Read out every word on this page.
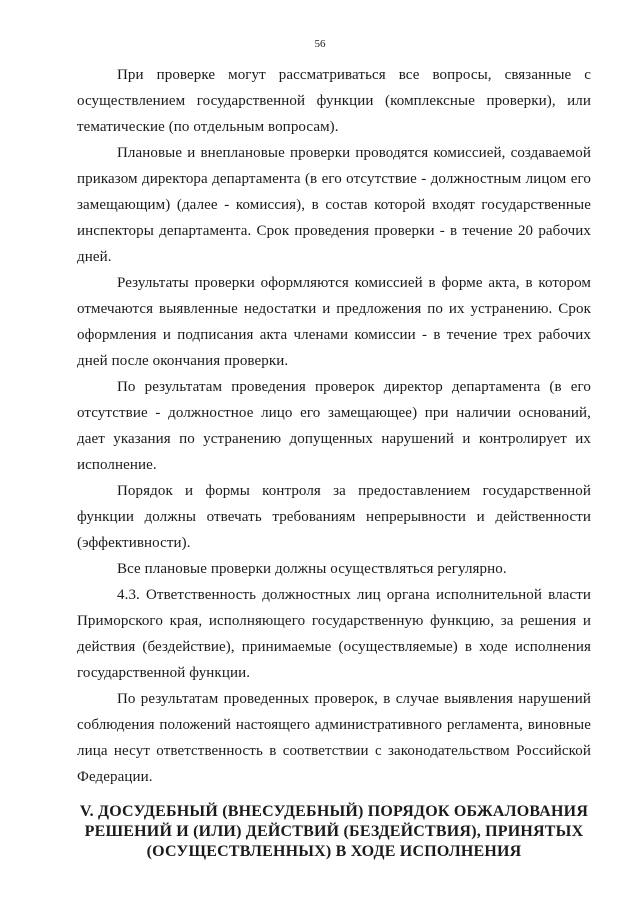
56

При проверке могут рассматриваться все вопросы, связанные с осуществлением государственной функции (комплексные проверки), или тематические (по отдельным вопросам).

Плановые и внеплановые проверки проводятся комиссией, создаваемой приказом директора департамента (в его отсутствие - должностным лицом его замещающим) (далее - комиссия), в состав которой входят государственные инспекторы департамента. Срок проведения проверки - в течение 20 рабочих дней.

Результаты проверки оформляются комиссией в форме акта, в котором отмечаются выявленные недостатки и предложения по их устранению. Срок оформления и подписания акта членами комиссии - в течение трех рабочих дней после окончания проверки.

По результатам проведения проверок директор департамента (в его отсутствие - должностное лицо его замещающее) при наличии оснований, дает указания по устранению допущенных нарушений и контролирует их исполнение.

Порядок и формы контроля за предоставлением государственной функции должны отвечать требованиям непрерывности и действенности (эффективности).

Все плановые проверки должны осуществляться регулярно.

4.3. Ответственность должностных лиц органа исполнительной власти Приморского края, исполняющего государственную функцию, за решения и действия (бездействие), принимаемые (осуществляемые) в ходе исполнения государственной функции.

По результатам проведенных проверок, в случае выявления нарушений соблюдения положений настоящего административного регламента, виновные лица несут ответственность в соответствии с законодательством Российской Федерации.

V. ДОСУДЕБНЫЙ (ВНЕСУДЕБНЫЙ) ПОРЯДОК ОБЖАЛОВАНИЯ
РЕШЕНИЙ И (ИЛИ) ДЕЙСТВИЙ (БЕЗДЕЙСТВИЯ), ПРИНЯТЫХ
(ОСУЩЕСТВЛЕННЫХ) В ХОДЕ ИСПОЛНЕНИЯ
